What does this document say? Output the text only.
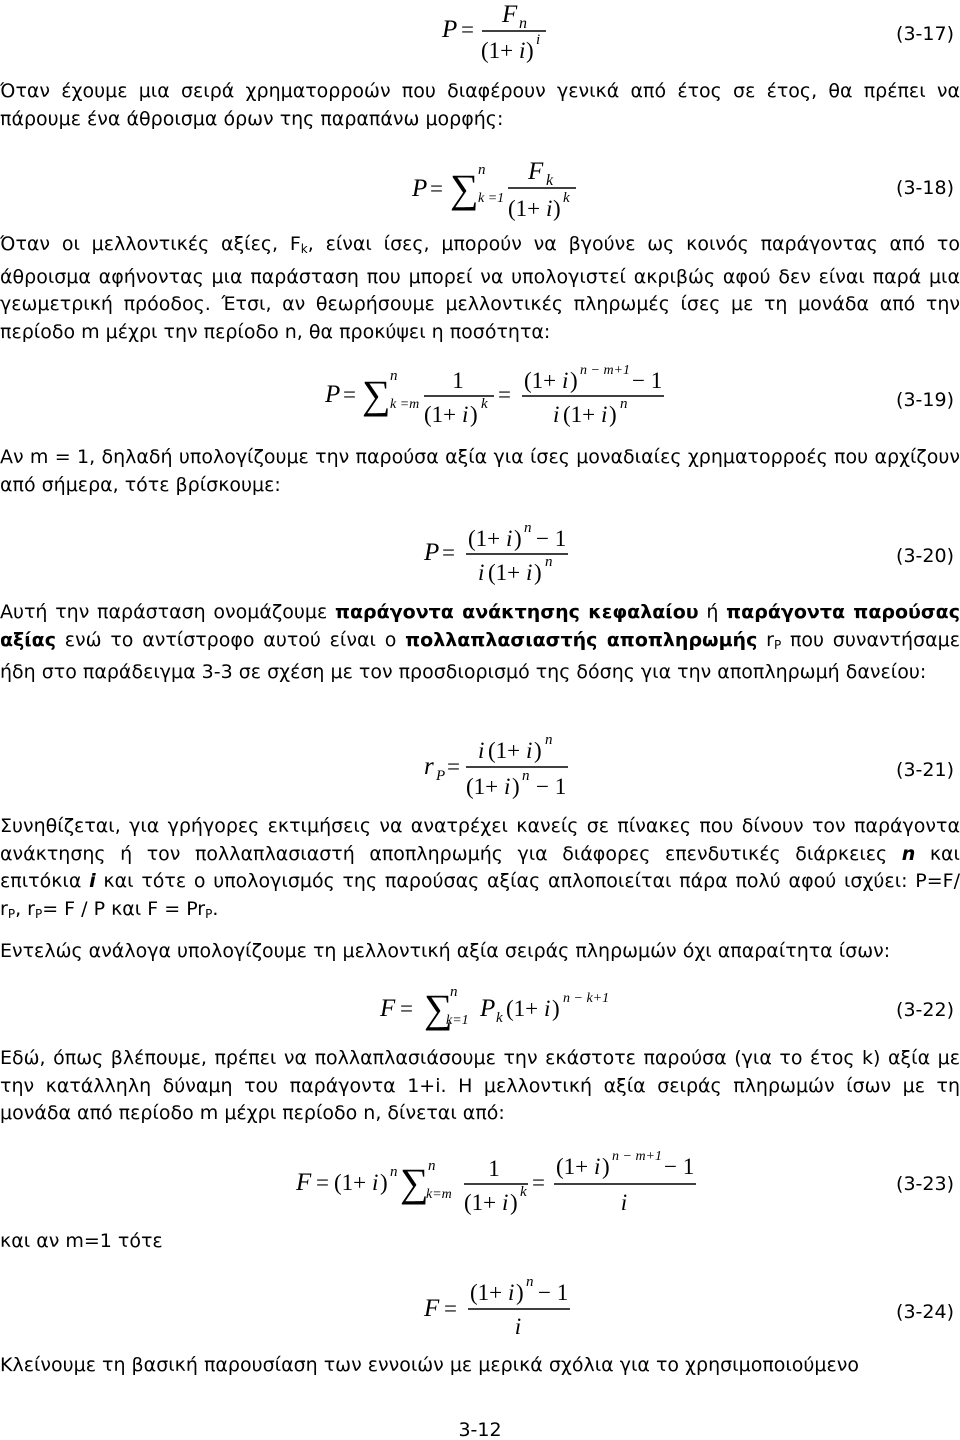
P =
F n
(1+ i ) i	(3-17)

Όταν έχουμε μια σειρά χρηματορροών που διαφέρουν γενικά από έτος σε έτος, θα πρέπει να πάρουμε ένα άθροισμα όρων της παραπάνω μορφής:

P = ∑ n
k =1
F k
(1+ i ) k	(3-18)

Όταν οι μελλοντικές αξίες, $F_k$, είναι ίσες, μπορούν να βγούνε ως κοινός παράγοντας από το άθροισμα αφήνοντας μια παράσταση που μπορεί να υπολογιστεί ακριβώς αφού δεν είναι παρά μια γεωμετρική πρόοδος. Έτσι, αν θεωρήσουμε μελλοντικές πληρωμές ίσες με τη μονάδα από την περίοδο m μέχρι την περίοδο n, θα προκύψει η ποσότητα:

P = ∑ n
k =m
1
(1+ i ) k =
(1+ i ) n − m+1 − 1
i (1+ i ) n	(3-19)

Αν m = 1, δηλαδή υπολογίζουμε την παρούσα αξία για ίσες μοναδιαίες χρηματορροές που αρχίζουν από σήμερα, τότε βρίσκουμε:

P =
(1+ i ) n − 1
i (1+ i ) n	(3-20)

Αυτή την παράσταση ονομάζουμε παράγοντα ανάκτησης κεφαλαίου ή παράγοντα παρούσας αξίας ενώ το αντίστροφο αυτού είναι ο πολλαπλασιαστής αποπληρωμής $r_P$ που συναντήσαμε ήδη στο παράδειγμα 3-3 σε σχέση με τον προσδιορισμό της δόσης για την αποπληρωμή δανείου:

r P =
i (1+ i ) n
(1+ i ) n − 1
(3-21)

Συνηθίζεται, για γρήγορες εκτιμήσεις να ανατρέχει κανείς σε πίνακες που δίνουν τον παράγοντα ανάκτησης ή τον πολλαπλασιαστή αποπληρωμής για διάφορες επενδυτικές διάρκειες n και επιτόκια i και τότε ο υπολογισμός της παρούσας αξίας απλοποιείται πάρα πολύ αφού ισχύει: P=F/ $r_P$, $r_P= F / P$ και $F = Pr_P$.

Εντελώς ανάλογα υπολογίζουμε τη μελλοντική αξία σειράς πληρωμών όχι απαραίτητα ίσων:

F = ∑
n
k=1 P k (1+ i ) n − k+1
(3-22)

Εδώ, όπως βλέπουμε, πρέπει να πολλαπλασιάσουμε την εκάστοτε παρούσα (για το έτος k) αξία με την κατάλληλη δύναμη του παράγοντα 1+i. Η μελλοντική αξία σειράς πληρωμών ίσων με τη μονάδα από περίοδο m μέχρι περίοδο n, δίνεται από:

F = (1+ i ) n ∑ n
k=m
1
(1+ i ) k =
(1+ i ) n − m+1 − 1
i
(3-23)

και αν m=1 τότε

F =
(1+ i ) n − 1
i
(3-24)

Κλείνουμε τη βασική παρουσίαση των εννοιών με μερικά σχόλια για το χρησιμοποιούμενο

3-12
